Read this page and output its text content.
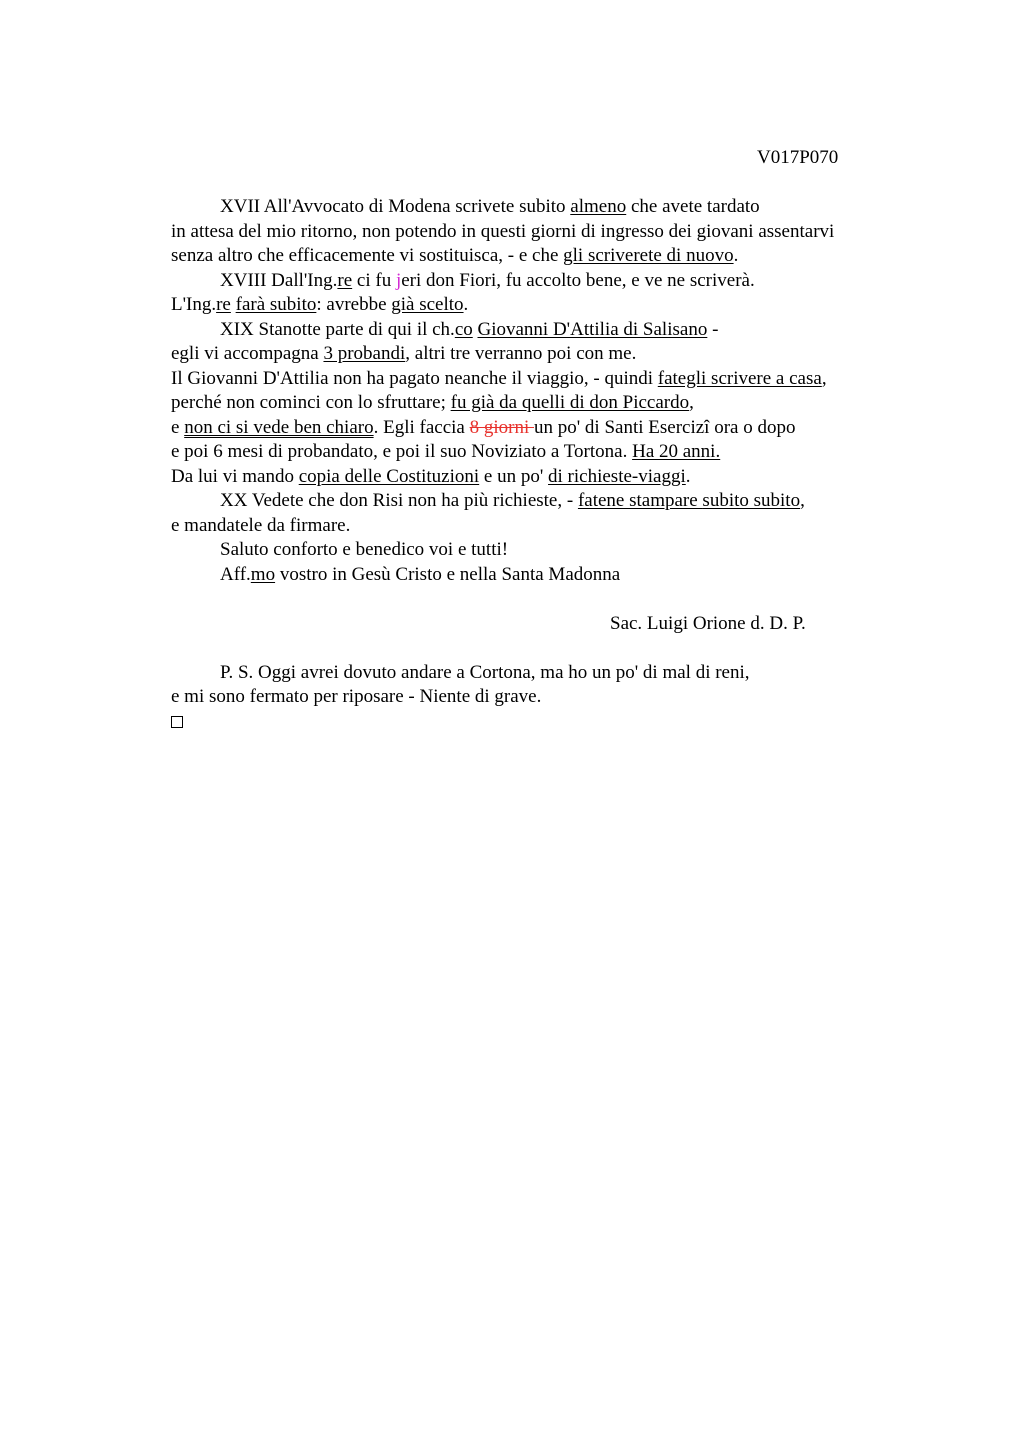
V017P070
XVII All'Avvocato di Modena scrivete subito almeno che avete tardato
in attesa del mio ritorno, non potendo in questi giorni di ingresso dei giovani assentarvi
senza altro che efficacemente vi sostituisca, - e che gli scriverete di nuovo.
XVIII Dall'Ing.re ci fu jeri don Fiori, fu accolto bene, e ve ne scriverà.
L'Ing.re farà subito: avrebbe già scelto.
XIX Stanotte parte di qui il ch.co Giovanni D'Attilia di Salisano -
egli vi accompagna 3 probandi, altri tre verranno poi con me.
Il Giovanni D'Attilia non ha pagato neanche il viaggio, - quindi fategli scrivere a casa,
perché non cominci con lo sfruttare; fu già da quelli di don Piccardo,
e non ci si vede ben chiaro. Egli faccia 8 giorni un po' di Santi Esercizi ora o dopo
e poi 6 mesi di probandato, e poi il suo Noviziato a Tortona. Ha 20 anni.
Da lui vi mando copia delle Costituzioni e un po' di richieste-viaggi.
XX Vedete che don Risi non ha più richieste, - fatene stampare subito subito,
e mandatele da firmare.
Saluto conforto e benedico voi e tutti!
Aff.mo vostro in Gesù Cristo e nella Santa Madonna
Sac. Luigi Orione d. D. P.
P. S. Oggi avrei dovuto andare a Cortona, ma ho un po' di mal di reni,
e mi sono fermato per riposare - Niente di grave.
